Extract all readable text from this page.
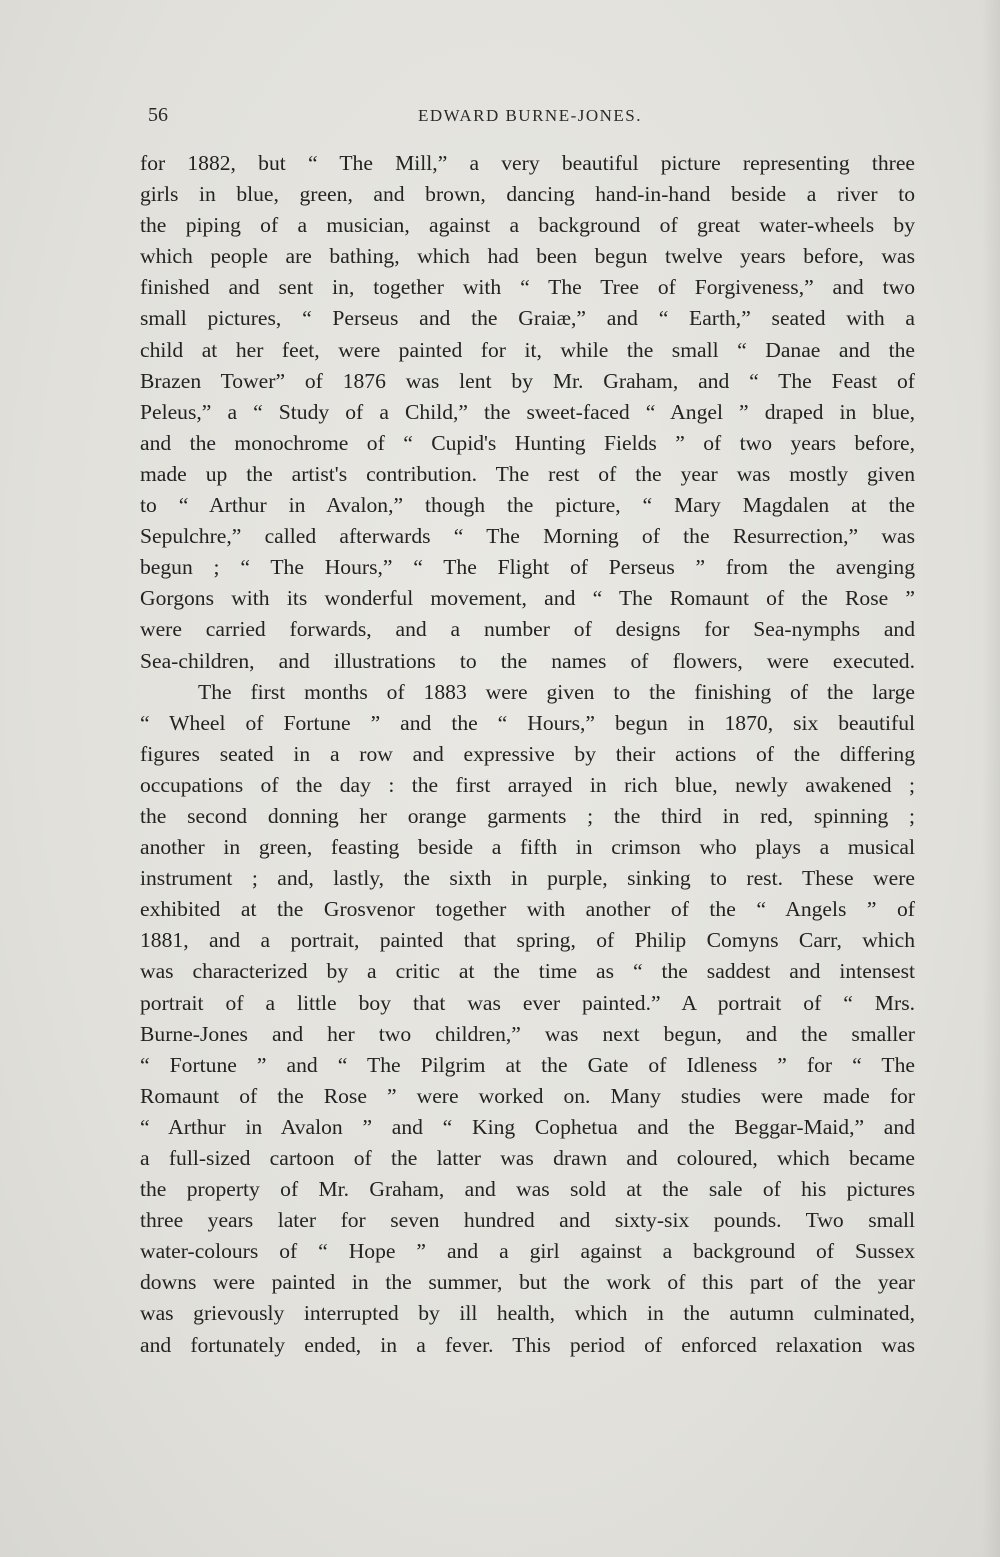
56	EDWARD BURNE-JONES.

for 1882, but “ The Mill,” a very beautiful picture representing three
girls in blue, green, and brown, dancing hand-in-hand beside a river to
the piping of a musician, against a background of great water-wheels by
which people are bathing, which had been begun twelve years before, was
finished and sent in, together with “ The Tree of Forgiveness,” and two
small pictures, “ Perseus and the Graiæ,” and “ Earth,” seated with a
child at her feet, were painted for it, while the small “ Danae and the
Brazen Tower” of 1876 was lent by Mr. Graham, and “ The Feast of
Peleus,” a “ Study of a Child,” the sweet-faced “ Angel ” draped in blue,
and the monochrome of “ Cupid's Hunting Fields ” of two years before,
made up the artist's contribution. The rest of the year was mostly given
to “ Arthur in Avalon,” though the picture, “ Mary Magdalen at the
Sepulchre,” called afterwards “ The Morning of the Resurrection,” was
begun ; “ The Hours,” “ The Flight of Perseus ” from the avenging
Gorgons with its wonderful movement, and “ The Romaunt of the Rose ”
were carried forwards, and a number of designs for Sea-nymphs and
Sea-children, and illustrations to the names of flowers, were executed.

The first months of 1883 were given to the finishing of the large
“ Wheel of Fortune ” and the “ Hours,” begun in 1870, six beautiful
figures seated in a row and expressive by their actions of the differing
occupations of the day : the first arrayed in rich blue, newly awakened ;
the second donning her orange garments ; the third in red, spinning ;
another in green, feasting beside a fifth in crimson who plays a musical
instrument ; and, lastly, the sixth in purple, sinking to rest. These were
exhibited at the Grosvenor together with another of the “ Angels ” of
1881, and a portrait, painted that spring, of Philip Comyns Carr, which
was characterized by a critic at the time as “ the saddest and intensest
portrait of a little boy that was ever painted.” A portrait of “ Mrs.
Burne-Jones and her two children,” was next begun, and the smaller
“ Fortune ” and “ The Pilgrim at the Gate of Idleness ” for “ The
Romaunt of the Rose ” were worked on. Many studies were made for
“ Arthur in Avalon ” and “ King Cophetua and the Beggar-Maid,” and
a full-sized cartoon of the latter was drawn and coloured, which became
the property of Mr. Graham, and was sold at the sale of his pictures
three years later for seven hundred and sixty-six pounds. Two small
water-colours of “ Hope ” and a girl against a background of Sussex
downs were painted in the summer, but the work of this part of the year
was grievously interrupted by ill health, which in the autumn culminated,
and fortunately ended, in a fever. This period of enforced relaxation was
